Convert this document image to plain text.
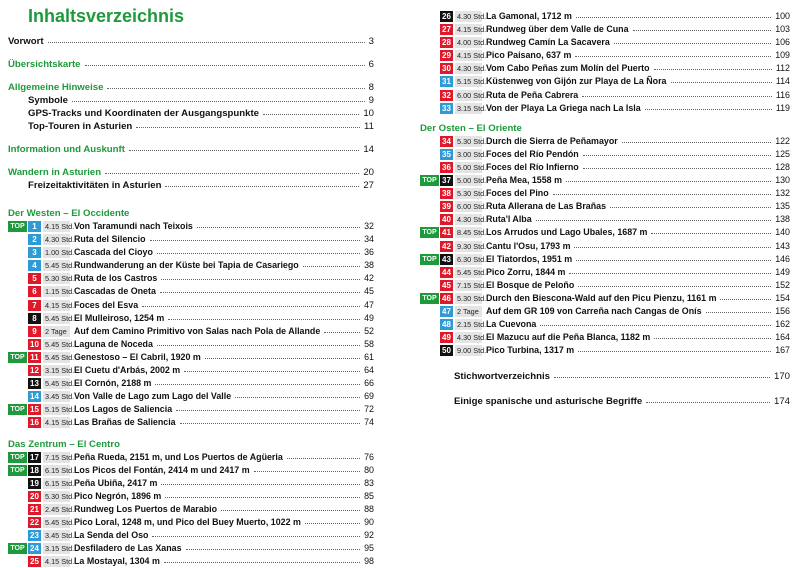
Inhaltsverzeichnis
Vorwort	3
Übersichtskarte	6
Allgemeine Hinweise	8
Symbole	9
GPS-Tracks und Koordinaten der Ausgangspunkte	10
Top-Touren in Asturien	11
Information und Auskunft	14
Wandern in Asturien	20
Freizeitaktivitäten in Asturien	27
Der Westen – El Occidente
TOP 1	4.15 Std. Von Taramundi nach Teixois	32
2	4.30 Std. Ruta del Silencio	34
3	1.00 Std. Cascada del Cioyo	36
4	5.45 Std. Rundwanderung an der Küste bei Tapia de Casariego	38
5	5.30 Std. Ruta de los Castros	42
6	1.15 Std. Cascadas de Oneta	45
7	4.15 Std. Foces del Esva	47
8	5.45 Std. El Mulleiroso, 1254 m	49
9	2 Tage Auf dem Camino Primitivo von Salas nach Pola de Allande	52
10 5.45 Std. Laguna de Noceda	58
TOP 11 5.45 Std. Genestoso – El Cabril, 1920 m	61
12 3.15 Std. El Cuetu d'Arbás, 2002 m	64
13 5.45 Std. El Cornón, 2188 m	66
14 3.45 Std. Von Valle de Lago zum Lago del Valle	69
TOP 15 5.15 Std. Los Lagos de Saliencia	72
16 4.15 Std. Las Brañas de Saliencia	74
Das Zentrum – El Centro
TOP 17 7.15 Std. Peña Rueda, 2151 m, und Los Puertos de Agüeria	76
TOP 18 6.15 Std. Los Picos del Fontán, 2414 m und 2417 m	80
19 6.15 Std. Peña Ubiña, 2417 m	83
20 5.30 Std. Pico Negrón, 1896 m	85
21 2.45 Std. Rundweg Los Puertos de Marabio	88
22 5.45 Std. Pico Loral, 1248 m, und Pico del Buey Muerto, 1022 m	90
23 3.45 Std. La Senda del Oso	92
TOP 24 3.15 Std. Desfiladero de Las Xanas	95
25 4.15 Std. La Mostayal, 1304 m	98
26 4.30 Std. La Gamonal, 1712 m	100
27 4.15 Std. Rundweg über dem Valle de Cuna	103
28 4.00 Std. Rundweg Camín La Sacavera	106
29 4.15 Std. Pico Paisano, 637 m	109
30 4.30 Std. Vom Cabo Peñas zum Molín del Puerto	112
31 5.15 Std. Küstenweg von Gijón zur Playa de La Ñora	114
32 6.00 Std. Ruta de Peña Cabrera	116
33 3.15 Std. Von der Playa La Griega nach La Isla	119
Der Osten – El Oriente
34 5.30 Std. Durch die Sierra de Peñamayor	122
35 3.00 Std. Foces del Río Pendón	125
36 5.00 Std. Foces del Río Infierno	128
TOP 37 5.00 Std. Peña Mea, 1558 m	130
38 5.30 Std. Foces del Pino	132
39 6.00 Std. Ruta Allerana de Las Brañas	135
40 4.30 Std. Ruta'l Alba	138
TOP 41 8.45 Std. Los Arrudos und Lago Ubales, 1687 m	140
42 9.30 Std. Cantu l'Osu, 1793 m	143
TOP 43 6.30 Std. El Tiatordos, 1951 m	146
44 5.45 Std. Pico Zorru, 1844 m	149
45 7.15 Std. El Bosque de Peloño	152
TOP 46 5.30 Std. Durch den Biescona-Wald auf den Picu Pienzu, 1161 m	154
47 2 Tage Auf dem GR 109 von Carreña nach Cangas de Onís	156
48 2.15 Std. La Cuevona	162
49 4.30 Std. El Mazucu auf die Peña Blanca, 1182 m	164
50 9.00 Std. Pico Turbina, 1317 m	167
Stichwortverzeichnis	170
Einige spanische und asturische Begriffe	174
